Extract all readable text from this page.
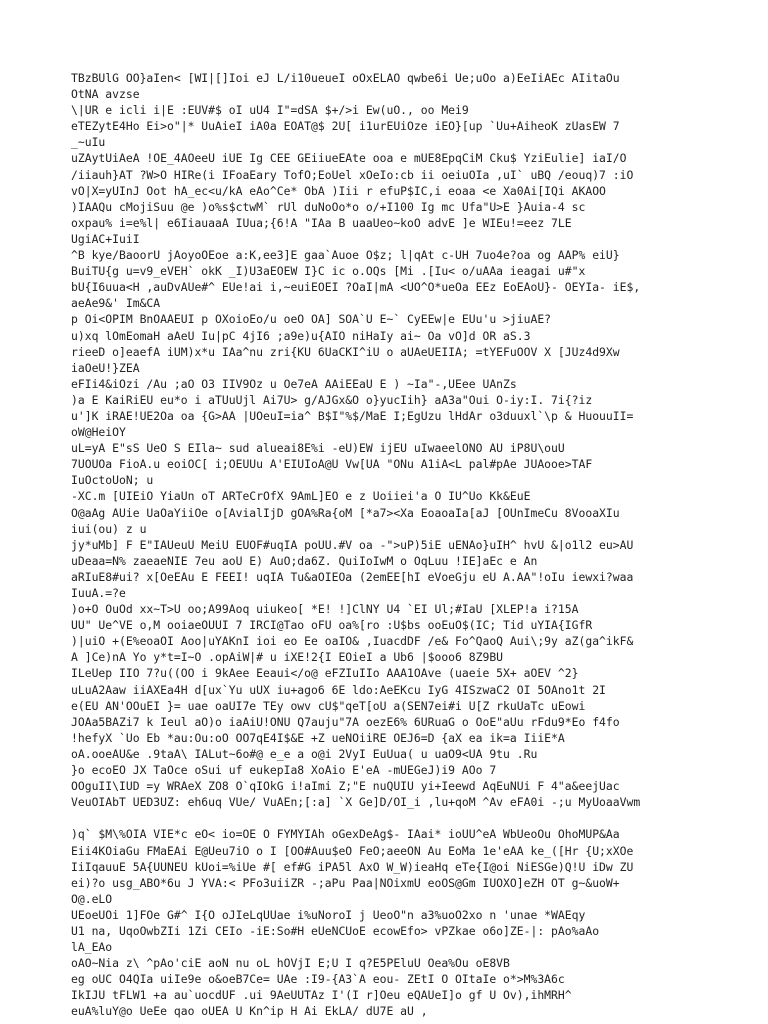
TBzBUlG OO}aIen< [WI|[]Ioi eJ L/i10ueueI oOxELAO qwbe6i Ue;uOo a)EeIiAEc AIitaOu
OtNA avzse
\|UR e icli i|E :EUV#$ oI uU4 I"=dSA $+/>i Ew(uO., oo Mei9
eTEZytE4Ho Ei>o"|* UuAieI iA0a EOAT@$ 2U[ i1urEUiOze iEO}[up `Uu+AiheoK zUasEW 7
_~uIu
uZAytUiAeA !OE_4AOeeU iUE Ig CEE GEiiueEAte ooa e mUE8EpqCiM Cku$ YziEulie] iaI/O
/iiauh}AT ?W>O HIRe(i IFoaEary TofO;EoUel xOeIo:cb ii oeiuOIa ,uI` uBQ /eouq)7 :iO
vO|X=yUInJ Oot hA_ec<u/kA eAo^Ce* ObA )Iii r efuP$IC,i eoaa <e Xa0Ai[IQi AKAOO
)IAAQu cMojiSuu @e )o%s$ctwM` rUl duNoOo*o o/+I100 Ig mc Ufa"U>E }Auia-4 sc
oxpau% i=e%l| e6IiauaaA IUua;{6!A "IAa B uaaUeo~koO advE ]e WIEu!=eez 7LE
UgiAC+IuiI
^B kye/BaoorU jAoyoOEoe a:K,ee3]E gaa`Auoe O$z; l|qAt c-UH 7uo4e?oa og AAP% eiU}
BuiTU{g u=v9_eVEH` okK _I)U3aEOEW I}C ic o.OQs [Mi .[Iu< o/uAAa ieagai u#"x
bU{I6uua<H ,auDvAUe#^ EUe!ai i,~euiEOEI ?OaI|mA <UO^O*ueOa EEz EoEAoU}- OEYIa- iE$,
aeAe9&' Im&CA
p Oi<OPIM BnOAAEUI p OXoioEo/u oeO OA] SOA`U E~` CyEEw|e EUu'u >jiuAE?
u)xq lOmEomaH aAeU Iu|pC 4jI6 ;a9e)u{AIO niHaIy ai~ Oa vO]d OR aS.3
rieeD o]eaefA iUM)x*u IAa^nu zri{KU 6UaCKI^iU o aUAeUEIIA; =tYEFuOOV X [JUz4d9Xw
iaOeU!}ZEA
eFIi4&iOzi /Au ;aO O3 IIV9Oz u Oe7eA AAiEEaU E ) ~Ia"-,UEee UAnZs
)a E KaiRiEU eu*o i aTUuUjl Ai7U> g/AJGx&O o}yucIih} aA3a"Oui O-iy:I. 7i{?iz
u']K iRAE!UE2Oa oa {G>AA |UOeuI=ia^ B$I"%$/MaE I;EgUzu lHdAr o3duuxl`\p & HuouuII=
oW@HeiOY
uL=yA E"sS UeO S EIla~ sud alueai8E%i -eU)EW ijEU uIwaeelONO AU iP8U\ouU
7UOUOa FioA.u eoiOC[ i;OEUUu A'EIUIoA@U Vw[UA "ONu A1iA<L pal#pAe JUAooe>TAF
IuOctoUoN; u
-XC.m [UIEiO YiaUn oT ARTeCrOfX 9AmL]EO e z Uoiiei'a O IU^Uo Kk&EuE
O@aAg AUie UaOaYiiOe o[AvialIjD gOA%Ra{oM [*a7><Xa EoaoaIa[aJ [OUnImeCu 8VooaXIu
iui(ou) z u
jy*uMb] F E"IAUeuU MeiU EUOF#uqIA poUU.#V oa -">uP)5iE uENAo}uIH^ hvU &|o1l2 eu>AU
uDeaa=N% zaeaeNIE 7eu aoU E) AuO;da6Z. QuiIoIwM o OqLuu !IE]aEc e An
aRIuE8#ui? x[OeEAu E FEEI! uqIA Tu&aOIEOa (2emEE[hI eVoeGju eU A.AA"!oIu iewxi?waa
IuuA.=?e
)o+O OuOd xx~T>U oo;A99Aoq uiukeo[ *E! !]ClNY U4 `EI Ul;#IaU [XLEP!a i?15A
UU" Ue^VE o,M ooiaeOUUI 7 IRCI@Tao oFU oa%[ro :U$bs ooEuO$(IC; Tid uYIA{IGfR
)|uiO +(E%eoaOI Aoo|uYAKnI ioi eo Ee oaIO& ,IuacdDF /e& Fo^QaoQ Aui\;9y aZ(ga^ikF&
A ]Ce)nA Yo y*t=I~O .opAiW|# u iXE!2{I EOieI a Ub6 |$ooo6 8Z9BU
ILeUep IIO 7?u((OO i 9kAee Eeaui</o@ eFZIuIIo AAA1OAve (uaeie 5X+ aOEV ^2}
uLuA2Aaw iiAXEa4H d[ux`Yu uUX iu+ago6 6E ldo:AeEKcu IyG 4ISzwaC2 OI 5OAno1t 2I
e(EU AN'OOuEI }= uae oaUI7e TEy owv cU$"qeT[oU a(SEN7ei#i U[Z rkuUaTc uEowi
JOAa5BAZi7 k Ieul aO)o iaAiU!ONU Q7auju"7A oezE6% 6URuaG o OoE"aUu rFdu9*Eo f4fo
!hefyX `Uo Eb *au:Ou:oO OO7qE4I$&E +Z ueNOiiRE OEJ6=D {aX ea ik=a IiiE*A
oA.ooeAU&e .9taA\ IALut~6o#@ e_e a o@i 2VyI EuUua( u uaO9<UA 9tu .Ru
}o ecoEO JX TaOce oSui uf eukepIa8 XoAio E'eA -mUEGeJ)i9 AOo 7
OOguII\IUD =y WRAeX ZO8 O`qIOkG i!aImi Z;"E nuQUIU yi+Ieewd AqEuNUi F 4"a&eejUac
VeuOIAbT UED3UZ: eh6uq VUe/ VuAEn;[:a] `X Ge]D/OI_i ,lu+qoM ^Av eFA0i -;u MyUoaaVwm
)q` $M\%OIA VIE*c eO< io=OE O FYMYIAh oGexDeAg$- IAai* ioUU^eA WbUeoOu OhoMUP&Aa
Eii4KOiaGu FMaEAi E@Ueu7iO o I [OO#Auu$eO FeO;aeeON Au EoMa 1e'eAA ke_([Hr {U;xXOe
IiIqauuE 5A{UUNEU kUoi=%iUe #[ ef#G iPA5l AxO W_W)ieaHq eTe{I@oi NiESGe)Q!U iDw ZU
ei)?o usg_ABO*6u J YVA:< PFo3uiiZR -;aPu Paa|NOixmU eoOS@Gm IUOXO]eZH OT g~&uoW+
O@.eLO
UEoeUOi 1]FOe G#^ I{O oJIeLqUUae i%uNoroI j UeoO"n a3%uoO2xo n 'unae *WAEqy
U1 na, UqoOwbZIi 1Zi CEIo -iE:So#H eUeNCUoE ecowEfo> vPZkae o6o]ZE-|: pAo%aAo
lA_EAo
oAO~Nia z\ ^pAo'ciE aoN nu oL hOVjI E;U I q?E5PEluU Oea%Ou oE8VB
eg oUC O4QIa uiIe9e o&oeB7Ce= UAe :I9-{A3`A eou- ZEtI O OItaIe o*>M%3A6c
IkIJU tFLW1 +a au`uocdUF .ui 9AeUUTAz I'(I r]Oeu eQAUeI]o gf U Ov),ihMRH^
euA%luY@o UeEe qao oUEA U Kn^ip H Ai EkLA/ dU7E aU ,
